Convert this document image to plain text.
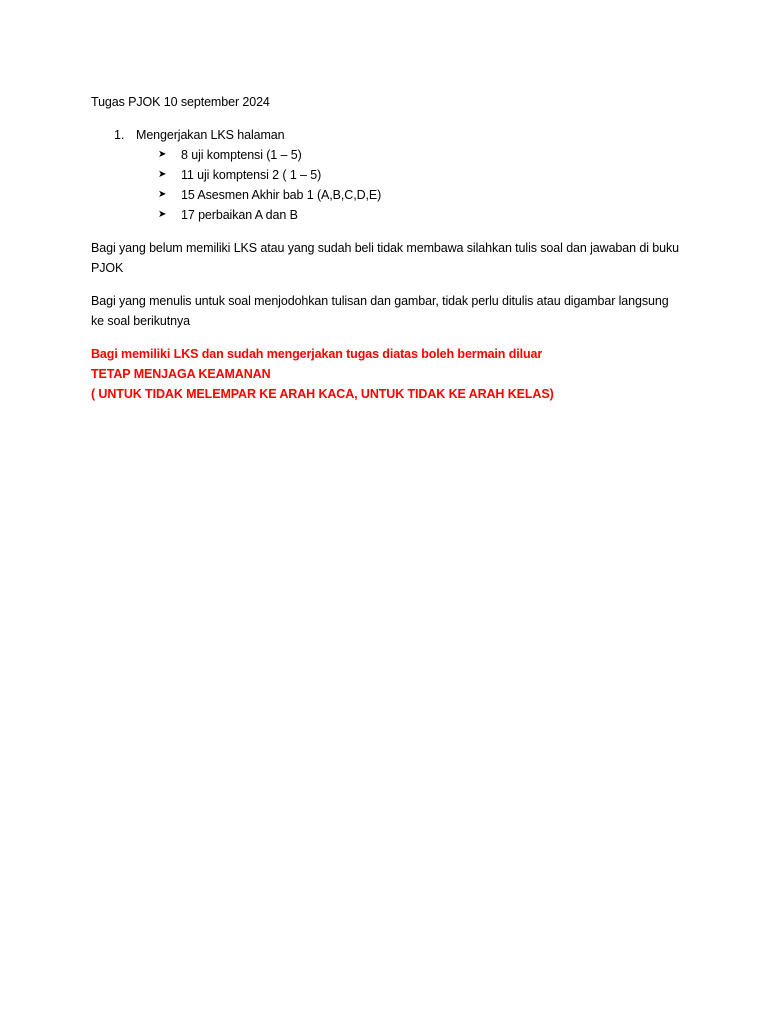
Tugas PJOK 10 september 2024
1. Mengerjakan LKS halaman
➤	8 uji komptensi (1 – 5)
➤	11 uji komptensi 2 ( 1 – 5)
➤	15 Asesmen Akhir bab 1 (A,B,C,D,E)
➤	17 perbaikan A dan B
Bagi yang belum memiliki LKS atau yang sudah beli tidak membawa silahkan tulis soal dan jawaban di buku PJOK
Bagi yang menulis untuk soal menjodohkan tulisan dan gambar, tidak perlu ditulis atau digambar langsung ke soal berikutnya
Bagi memiliki LKS dan sudah mengerjakan tugas diatas boleh bermain diluar
TETAP MENJAGA KEAMANAN
( UNTUK TIDAK MELEMPAR KE ARAH KACA, UNTUK TIDAK KE ARAH KELAS)
